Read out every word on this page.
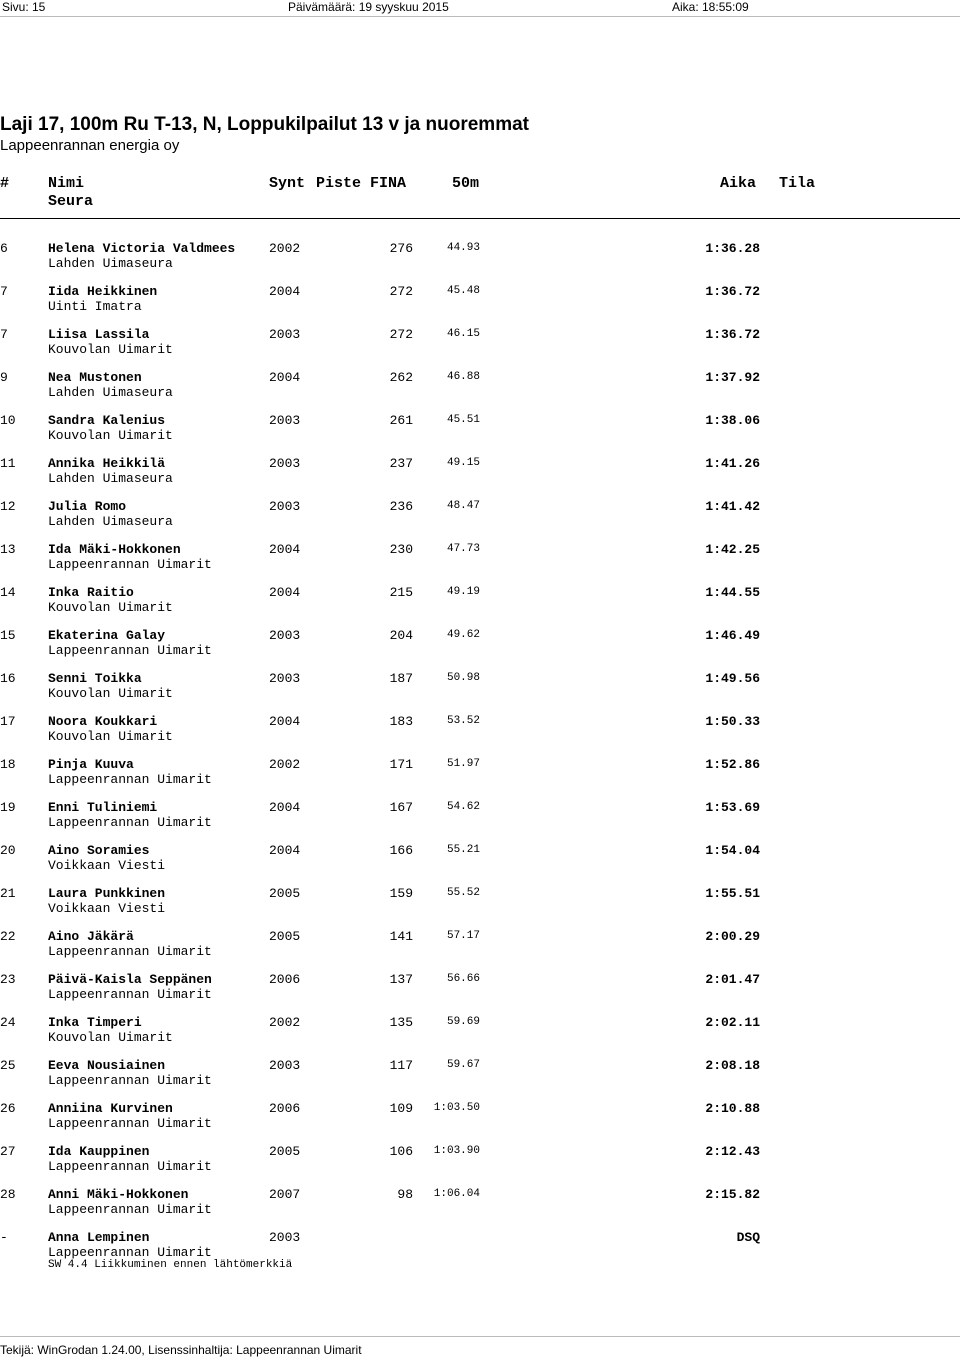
Sivu: 15	Päivämäärä: 19 syyskuu 2015	Aika: 18:55:09
Laji 17, 100m Ru T-13, N, Loppukilpailut 13 v ja nuoremmat
Lappeenrannan energia oy
#	Nimi	Synt Piste FINA	50m	Aika Tila
Seura
6	Helena Victoria Valdmees
Lahden Uimaseura
2002	276	44.93	1:36.28
7	Iida Heikkinen
Uinti Imatra
2004	272	45.48	1:36.72
7	Liisa Lassila
Kouvolan Uimarit
2003	272	46.15	1:36.72
9	Nea Mustonen
Lahden Uimaseura
2004	262	46.88	1:37.92
10 Sandra Kalenius
Kouvolan Uimarit
2003	261	45.51	1:38.06
11 Annika Heikkilä
Lahden Uimaseura
2003	237	49.15	1:41.26
12 Julia Romo
Lahden Uimaseura
2003	236	48.47	1:41.42
13 Ida Mäki-Hokkonen
Lappeenrannan Uimarit
2004	230	47.73	1:42.25
14 Inka Raitio
Kouvolan Uimarit
2004	215	49.19	1:44.55
15 Ekaterina Galay
Lappeenrannan Uimarit
2003	204	49.62	1:46.49
16 Senni Toikka
Kouvolan Uimarit
2003	187	50.98	1:49.56
17 Noora Koukkari
Kouvolan Uimarit
2004	183	53.52	1:50.33
18 Pinja Kuuva
Lappeenrannan Uimarit
2002	171	51.97	1:52.86
19 Enni Tuliniemi
Lappeenrannan Uimarit
2004	167	54.62	1:53.69
20 Aino Soramies
Voikkaan Viesti
2004	166	55.21	1:54.04
21 Laura Punkkinen
Voikkaan Viesti
2005	159	55.52	1:55.51
22 Aino Jäkärä
Lappeenrannan Uimarit
2005	141	57.17	2:00.29
23 Päivä-Kaisla Seppänen
Lappeenrannan Uimarit
2006	137	56.66	2:01.47
24 Inka Timperi
Kouvolan Uimarit
2002	135	59.69	2:02.11
25 Eeva Nousiainen
Lappeenrannan Uimarit
2003	117	59.67	2:08.18
26 Anniina Kurvinen
Lappeenrannan Uimarit
2006	109	1:03.50	2:10.88
27 Ida Kauppinen
Lappeenrannan Uimarit
2005	106	1:03.90	2:12.43
28 Anni Mäki-Hokkonen
Lappeenrannan Uimarit
2007	98	1:06.04	2:15.82
-	Anna Lempinen
Lappeenrannan Uimarit
2003	DSQ
SW 4.4 Liikkuminen ennen lähtömerkkiä
Tekijä: WinGrodan 1.24.00, Lisenssinhaltija: Lappeenrannan Uimarit
